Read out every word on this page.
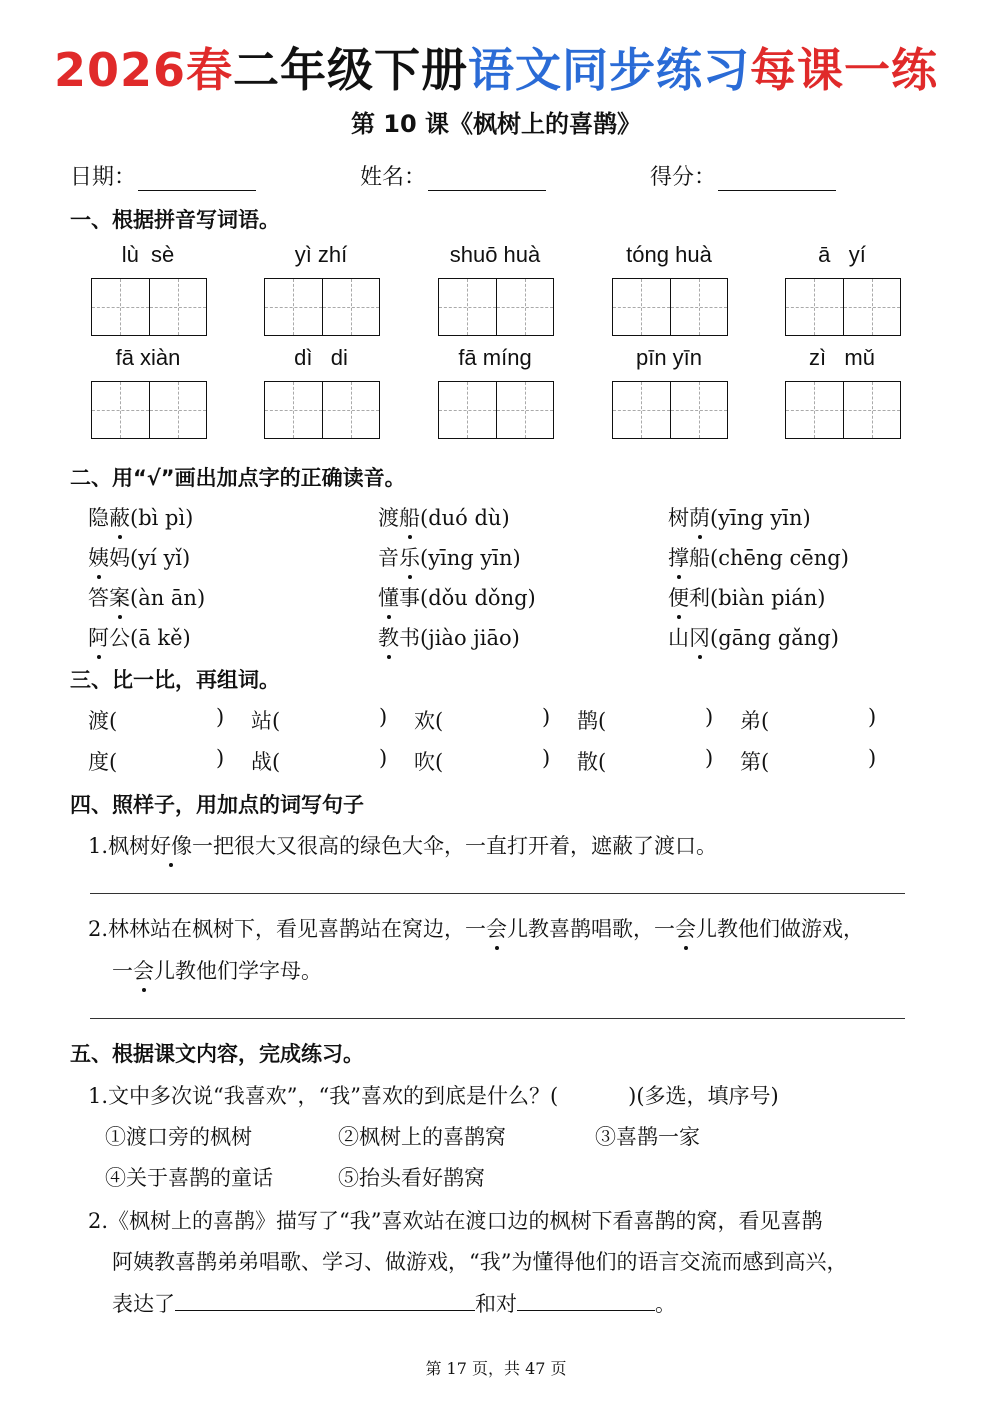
2026春二年级下册语文同步练习每课一练
第 10 课《枫树上的喜鹊》
日期：	姓名：	得分：
一、根据拼音写词语。
lù  sè	yì zhí	shuō huà	tóng huà	ā   yí
fā xiàn	dì   di	fā míng	pīn yīn	zì   mǔ
二、用“√”画出加点字的正确读音。
隐蔽(bì pì)	渡船(duó dù)	树荫(yīng yīn)
姨妈(yí yǐ)	音乐(yīng yīn)	撑船(chēng cēng)
答案(àn ān)	懂事(dǒu dǒng)	便利(biàn pián)
阿公(ā kě)	教书(jiào jiāo)	山冈(gāng gǎng)
三、比一比，再组词。
渡(	) 站(	) 欢(	) 鹊(	) 弟(	)
度(	) 战(	) 吹(	) 散(	) 第(	)
四、照样子，用加点的词写句子
1.枫树好像一把很大又很高的绿色大伞，一直打开着，遮蔽了渡口。
2.林林站在枫树下，看见喜鹊站在窝边，一会儿教喜鹊唱歌，一会儿教他们做游戏，
一会儿教他们学字母。
五、根据课文内容，完成练习。
1.文中多次说“我喜欢”，“我”喜欢的到底是什么？(	)(多选，填序号)
①渡口旁的枫树	②枫树上的喜鹊窝	③喜鹊一家
④关于喜鹊的童话	⑤抬头看好鹊窝
2.《枫树上的喜鹊》描写了“我”喜欢站在渡口边的枫树下看喜鹊的窝，看见喜鹊
阿姨教喜鹊弟弟唱歌、学习、做游戏，“我”为懂得他们的语言交流而感到高兴，
表达了	和对	。
第 17 页，共 47 页
